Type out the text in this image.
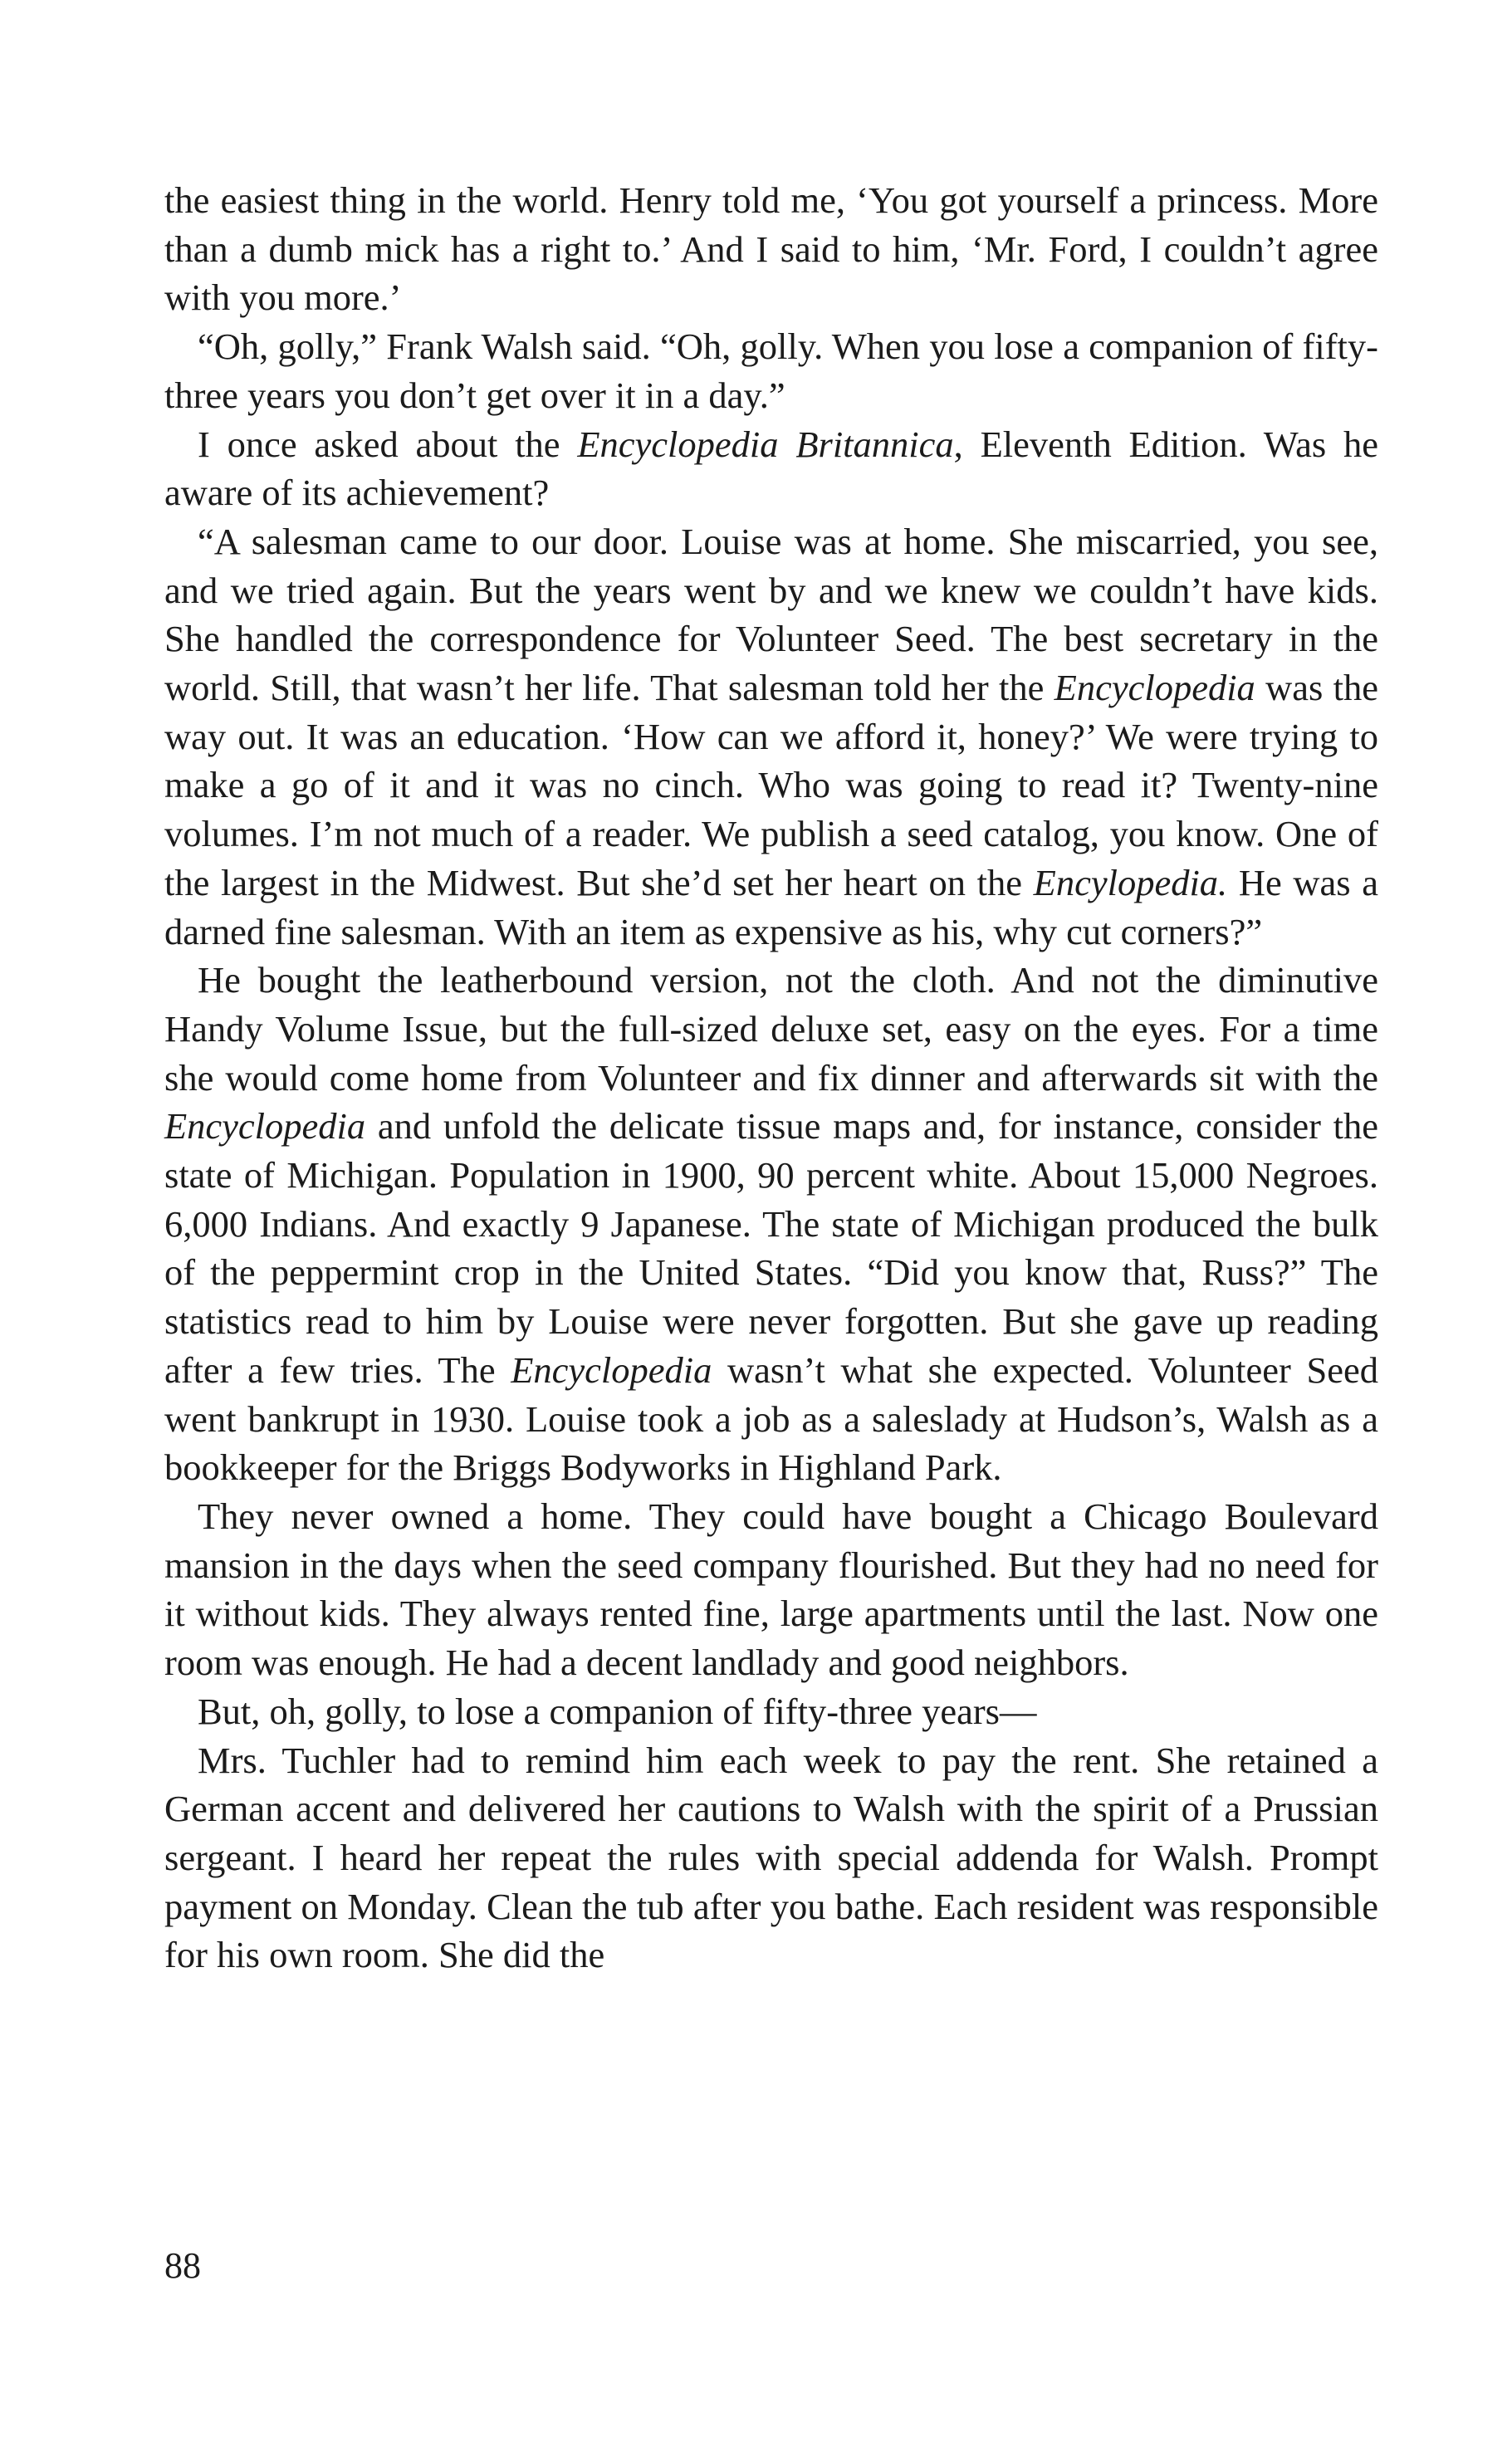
the easiest thing in the world. Henry told me, ‘You got yourself a princess. More than a dumb mick has a right to.’ And I said to him, ‘Mr. Ford, I couldn’t agree with you more.’

“Oh, golly,” Frank Walsh said. “Oh, golly. When you lose a companion of fifty-three years you don’t get over it in a day.”

I once asked about the Encyclopedia Britannica, Eleventh Edition. Was he aware of its achievement?

“A salesman came to our door. Louise was at home. She miscarried, you see, and we tried again. But the years went by and we knew we couldn’t have kids. She handled the correspondence for Volunteer Seed. The best secretary in the world. Still, that wasn’t her life. That salesman told her the Encyclopedia was the way out. It was an education. ‘How can we afford it, honey?’ We were trying to make a go of it and it was no cinch. Who was going to read it? Twenty-nine volumes. I’m not much of a reader. We publish a seed catalog, you know. One of the largest in the Midwest. But she’d set her heart on the Encylopedia. He was a darned fine salesman. With an item as expensive as his, why cut corners?”

He bought the leatherbound version, not the cloth. And not the diminutive Handy Volume Issue, but the full-sized deluxe set, easy on the eyes. For a time she would come home from Volunteer and fix dinner and afterwards sit with the Encyclopedia and unfold the delicate tissue maps and, for instance, consider the state of Michigan. Population in 1900, 90 percent white. About 15,000 Negroes. 6,000 Indians. And exactly 9 Japanese. The state of Michigan produced the bulk of the peppermint crop in the United States. “Did you know that, Russ?” The statistics read to him by Louise were never forgotten. But she gave up reading after a few tries. The Encyclopedia wasn’t what she expected. Volunteer Seed went bankrupt in 1930. Louise took a job as a saleslady at Hudson’s, Walsh as a bookkeeper for the Briggs Bodyworks in Highland Park.

They never owned a home. They could have bought a Chicago Boulevard mansion in the days when the seed company flourished. But they had no need for it without kids. They always rented fine, large apartments until the last. Now one room was enough. He had a decent landlady and good neighbors.

But, oh, golly, to lose a companion of fifty-three years—

Mrs. Tuchler had to remind him each week to pay the rent. She retained a German accent and delivered her cautions to Walsh with the spirit of a Prussian sergeant. I heard her repeat the rules with special addenda for Walsh. Prompt payment on Monday. Clean the tub after you bathe. Each resident was responsible for his own room. She did the

88
